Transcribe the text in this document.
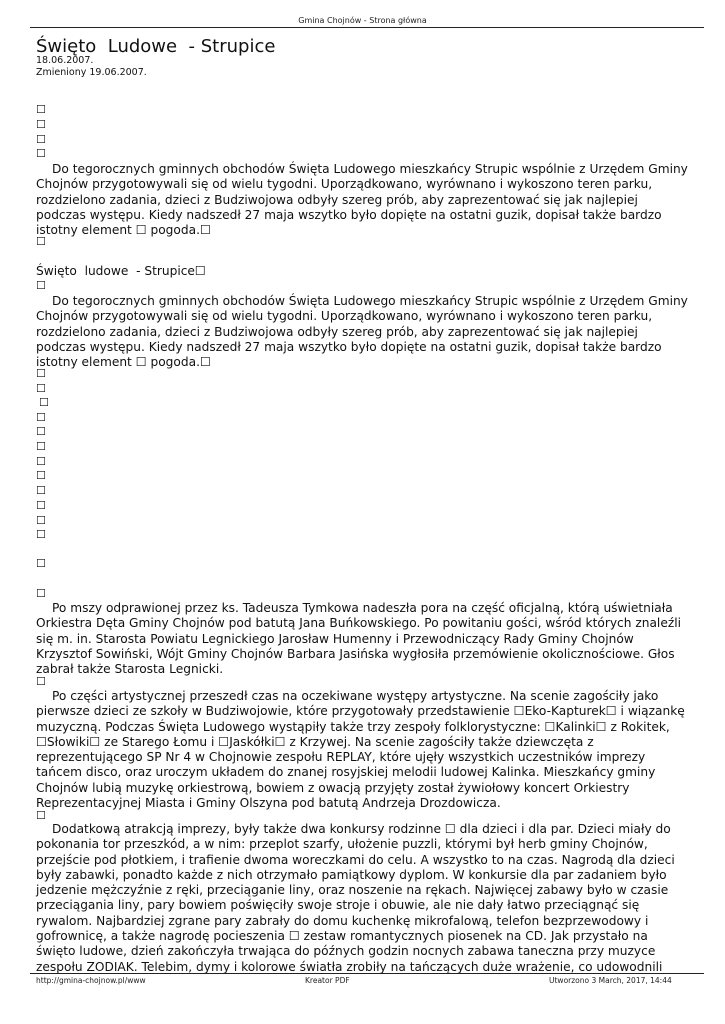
Gmina Chojnów - Strona główna
Święto  Ludowe  - Strupice
18.06.2007.
Zmieniony 19.06.2007.
☐
☐
☐
☐

Do tegorocznych gminnych obchodów Święta Ludowego mieszkańcy Strupic wspólnie z Urzędem Gminy Chojnów przygotowywali się od wielu tygodni. Uporządkowano, wyrównano i wykoszono teren parku, rozdzielono zadania, dzieci z Budziwojowa odbyły szereg prób, aby zaprezentować się jak najlepiej podczas występu. Kiedy nadszedł 27 maja wszytko było dopięte na ostatni guzik, dopisał także bardzo istotny element ☐ pogoda.☐

☐
Święto  ludowe  - Strupice☐
☐

Do tegorocznych gminnych obchodów Święta Ludowego mieszkańcy Strupic wspólnie z Urzędem Gminy Chojnów przygotowywali się od wielu tygodni. Uporządkowano, wyrównano i wykoszono teren parku, rozdzielono zadania, dzieci z Budziwojowa odbyły szereg prób, aby zaprezentować się jak najlepiej podczas występu. Kiedy nadszedł 27 maja wszytko było dopięte na ostatni guzik, dopisał także bardzo istotny element ☐ pogoda.☐

☐
☐
☐
☐
☐
☐
☐
☐
☐
☐
☐
☐
☐
☐

Po mszy odprawionej przez ks. Tadeusza Tymkowa nadeszła pora na część oficjalną, którą uświetniała Orkiestra Dęta Gminy Chojnów pod batutą Jana Buńkowskiego. Po powitaniu gości, wśród których znaleźli się m. in. Starosta Powiatu Legnickiego Jarosław Humenny i Przewodniczący Rady Gminy Chojnów Krzysztof Sowiński, Wójt Gminy Chojnów Barbara Jasińska wygłosiła przemówienie okolicznościowe. Głos zabrał także Starosta Legnicki.

☐

Po części artystycznej przeszedł czas na oczekiwane występy artystyczne. Na scenie zagościły jako pierwsze dzieci ze szkoły w Budziwojowie, które przygotowały przedstawienie ☐Eko-Kapturek☐ i wiązankę muzyczną. Podczas Święta Ludowego wystąpiły także trzy zespoły folklorystyczne: ☐Kalinki☐ z Rokitek, ☐Słowiki☐ ze Starego Łomu i ☐Jaskółki☐ z Krzywej. Na scenie zagościły także dziewczęta z reprezentującego SP Nr 4 w Chojnowie zespołu REPLAY, które ujęły wszystkich uczestników imprezy tańcem disco, oraz uroczym układem do znanej rosyjskiej melodii ludowej Kalinka. Mieszkańcy gminy Chojnów lubią muzykę orkiestrową, bowiem z owacją przyjęty został żywiołowy koncert Orkiestry Reprezentacyjnej Miasta i Gminy Olszyna pod batutą Andrzeja Drozdowicza.

☐

Dodatkową atrakcją imprezy, były także dwa konkursy rodzinne ☐ dla dzieci i dla par. Dzieci miały do pokonania tor przeszkód, a w nim: przeplot szarfy, ułożenie puzzli, którymi był herb gminy Chojnów, przejście pod płotkiem, i trafienie dwoma woreczkami do celu. A wszystko to na czas. Nagrodą dla dzieci były zabawki, ponadto każde z nich otrzymało pamiątkowy dyplom. W konkursie dla par zadaniem było jedzenie mężczyźnie z ręki, przeciąganie liny, oraz noszenie na rękach. Najwięcej zabawy było w czasie przeciągania liny, pary bowiem poświęciły swoje stroje i obuwie, ale nie dały łatwo przeciągnąć się rywalom. Najbardziej zgrane pary zabrały do domu kuchenkę mikrofalową, telefon bezprzewodowy i gofrownicę, a także nagrodę pocieszenia ☐ zestaw romantycznych piosenek na CD. Jak przystało na święto ludowe, dzień zakończyła trwająca do późnych godzin nocnych zabawa taneczna przy muzyce zespołu ZODIAK. Telebim, dymy i kolorowe światła zrobiły na tańczących duże wrażenie, co udowodnili

http://gmina-chojnow.pl/www	Kreator PDF	Utworzono 3 March, 2017, 14:44
